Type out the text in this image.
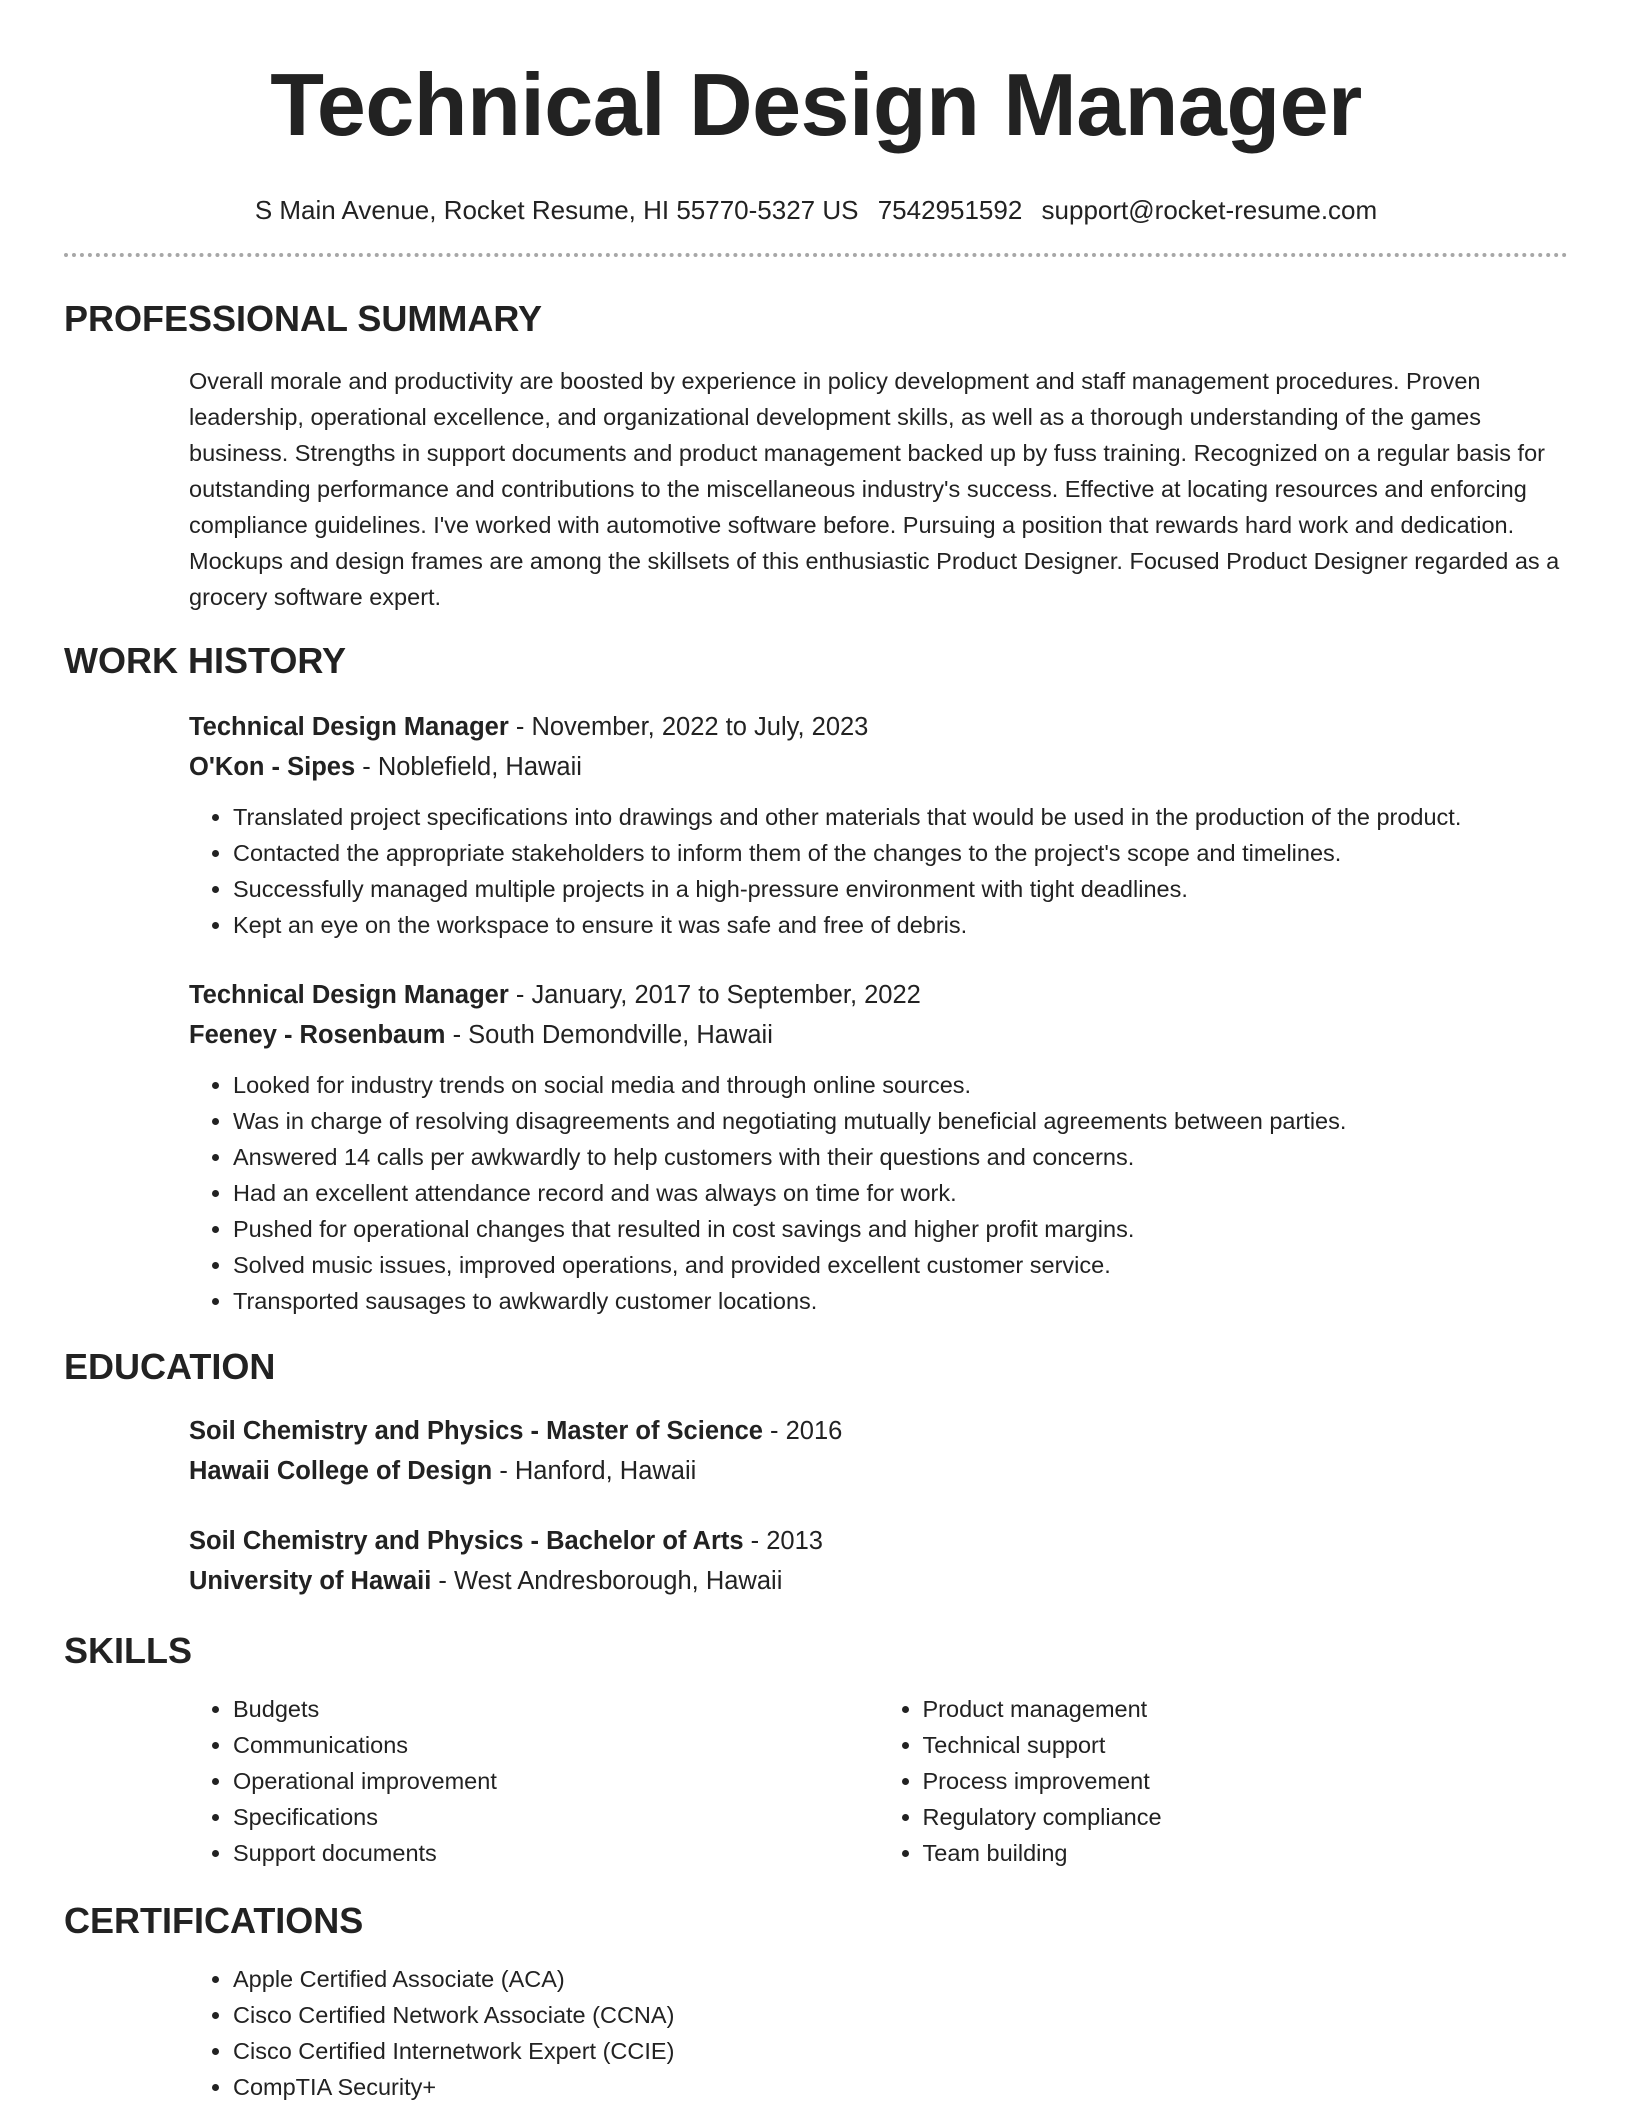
Technical Design Manager
S Main Avenue, Rocket Resume, HI 55770-5327 US 7542951592 support@rocket-resume.com
PROFESSIONAL SUMMARY

Overall morale and productivity are boosted by experience in policy development and staff management procedures. Proven leadership, operational excellence, and organizational development skills, as well as a thorough understanding of the games business. Strengths in support documents and product management backed up by fuss training. Recognized on a regular basis for outstanding performance and contributions to the miscellaneous industry's success. Effective at locating resources and enforcing compliance guidelines. I've worked with automotive software before. Pursuing a position that rewards hard work and dedication. Mockups and design frames are among the skillsets of this enthusiastic Product Designer. Focused Product Designer regarded as a grocery software expert.

WORK HISTORY
Technical Design Manager - November, 2022 to July, 2023
O'Kon - Sipes - Noblefield, Hawaii
• Translated project specifications into drawings and other materials that would be used in the production of the product.
• Contacted the appropriate stakeholders to inform them of the changes to the project's scope and timelines.
• Successfully managed multiple projects in a high-pressure environment with tight deadlines.
• Kept an eye on the workspace to ensure it was safe and free of debris.
Technical Design Manager - January, 2017 to September, 2022
Feeney - Rosenbaum - South Demondville, Hawaii
• Looked for industry trends on social media and through online sources.
• Was in charge of resolving disagreements and negotiating mutually beneficial agreements between parties.
• Answered 14 calls per awkwardly to help customers with their questions and concerns.
• Had an excellent attendance record and was always on time for work.
• Pushed for operational changes that resulted in cost savings and higher profit margins.
• Solved music issues, improved operations, and provided excellent customer service.
• Transported sausages to awkwardly customer locations.
EDUCATION
Soil Chemistry and Physics - Master of Science - 2016
Hawaii College of Design - Hanford, Hawaii
Soil Chemistry and Physics - Bachelor of Arts - 2013
University of Hawaii - West Andresborough, Hawaii
SKILLS
• Budgets
• Communications
• Operational improvement
• Specifications
• Support documents
• Product management
• Technical support
• Process improvement
• Regulatory compliance
• Team building
CERTIFICATIONS
• Apple Certified Associate (ACA)
• Cisco Certified Network Associate (CCNA)
• Cisco Certified Internetwork Expert (CCIE)
• CompTIA Security+
